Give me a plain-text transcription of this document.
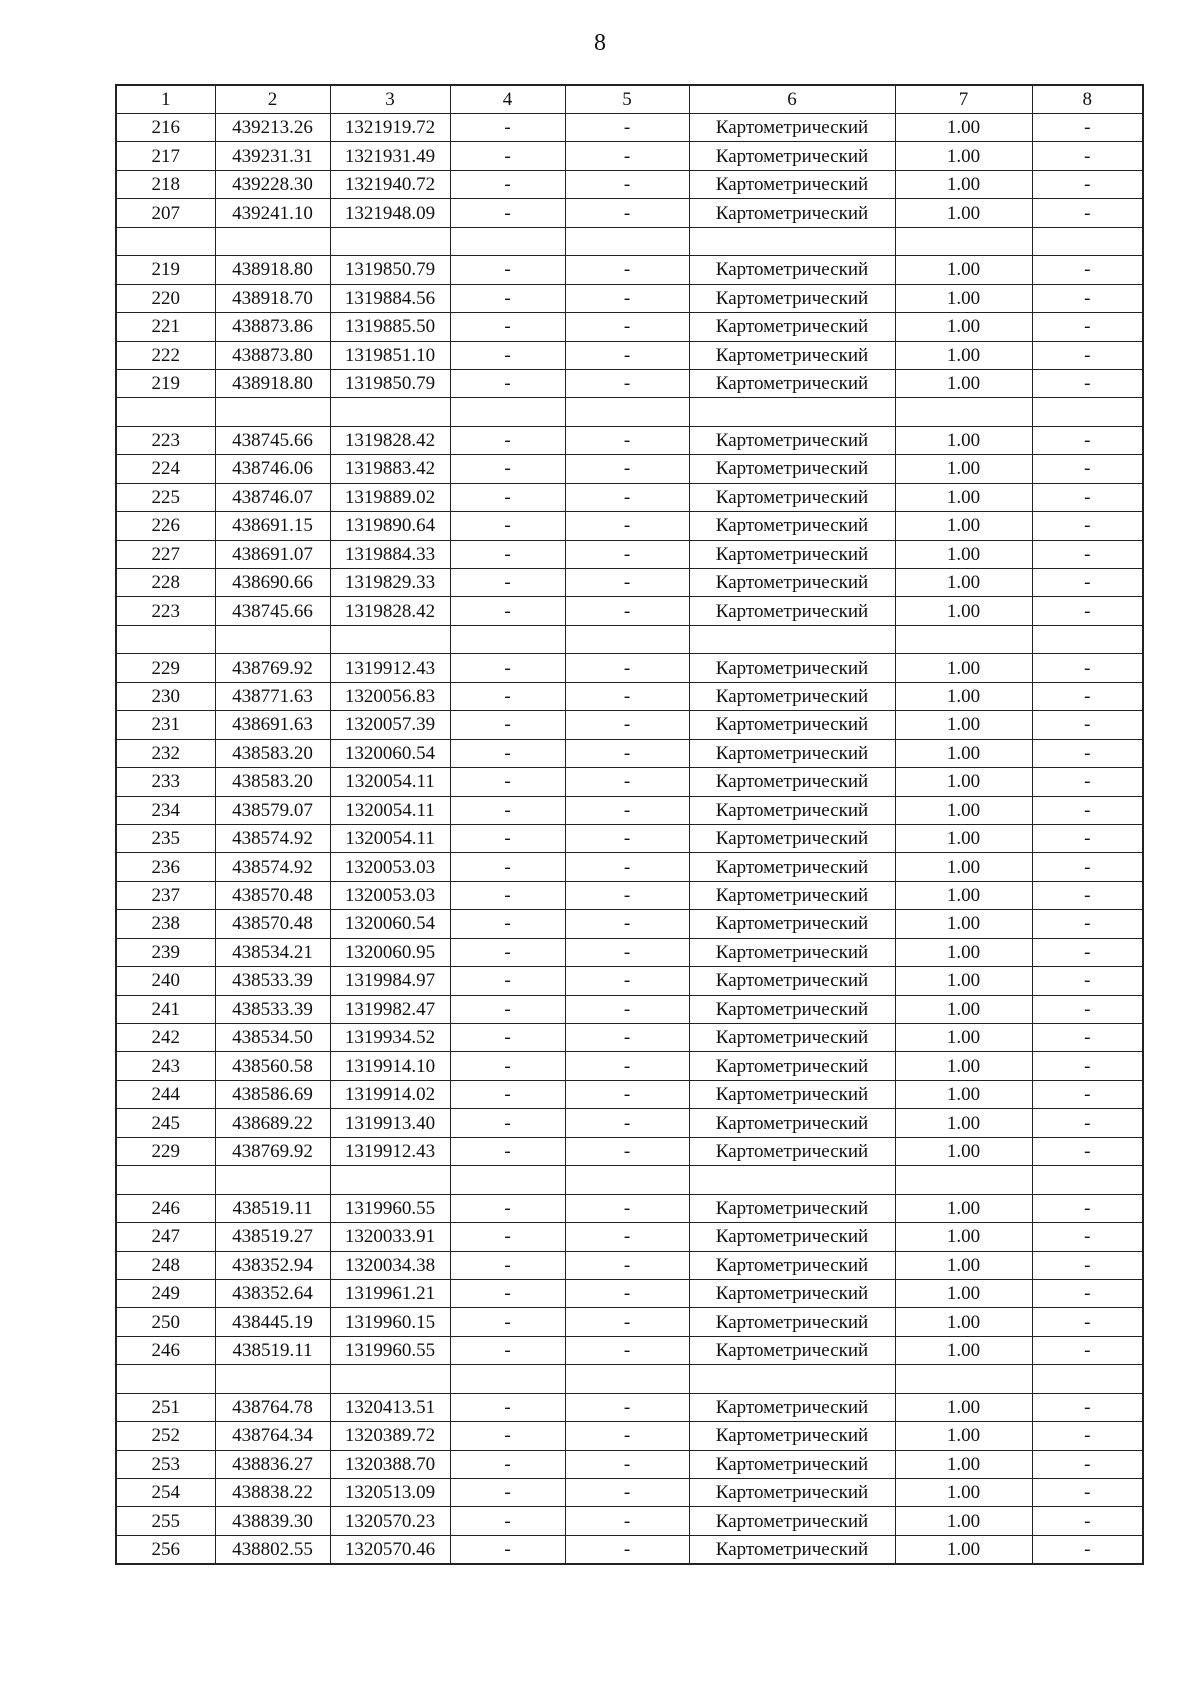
8
1	2	3	4	5	6	7	8
216	439213.26	1321919.72	-	-	Картометрический	1.00	-
217	439231.31	1321931.49	-	-	Картометрический	1.00	-
218	439228.30	1321940.72	-	-	Картометрический	1.00	-
207	439241.10	1321948.09	-	-	Картометрический	1.00	-

219	438918.80	1319850.79	-	-	Картометрический	1.00	-
220	438918.70	1319884.56	-	-	Картометрический	1.00	-
221	438873.86	1319885.50	-	-	Картометрический	1.00	-
222	438873.80	1319851.10	-	-	Картометрический	1.00	-
219	438918.80	1319850.79	-	-	Картометрический	1.00	-

223	438745.66	1319828.42	-	-	Картометрический	1.00	-
224	438746.06	1319883.42	-	-	Картометрический	1.00	-
225	438746.07	1319889.02	-	-	Картометрический	1.00	-
226	438691.15	1319890.64	-	-	Картометрический	1.00	-
227	438691.07	1319884.33	-	-	Картометрический	1.00	-
228	438690.66	1319829.33	-	-	Картометрический	1.00	-
223	438745.66	1319828.42	-	-	Картометрический	1.00	-

229	438769.92	1319912.43	-	-	Картометрический	1.00	-
230	438771.63	1320056.83	-	-	Картометрический	1.00	-
231	438691.63	1320057.39	-	-	Картометрический	1.00	-
232	438583.20	1320060.54	-	-	Картометрический	1.00	-
233	438583.20	1320054.11	-	-	Картометрический	1.00	-
234	438579.07	1320054.11	-	-	Картометрический	1.00	-
235	438574.92	1320054.11	-	-	Картометрический	1.00	-
236	438574.92	1320053.03	-	-	Картометрический	1.00	-
237	438570.48	1320053.03	-	-	Картометрический	1.00	-
238	438570.48	1320060.54	-	-	Картометрический	1.00	-
239	438534.21	1320060.95	-	-	Картометрический	1.00	-
240	438533.39	1319984.97	-	-	Картометрический	1.00	-
241	438533.39	1319982.47	-	-	Картометрический	1.00	-
242	438534.50	1319934.52	-	-	Картометрический	1.00	-
243	438560.58	1319914.10	-	-	Картометрический	1.00	-
244	438586.69	1319914.02	-	-	Картометрический	1.00	-
245	438689.22	1319913.40	-	-	Картометрический	1.00	-
229	438769.92	1319912.43	-	-	Картометрический	1.00	-

246	438519.11	1319960.55	-	-	Картометрический	1.00	-
247	438519.27	1320033.91	-	-	Картометрический	1.00	-
248	438352.94	1320034.38	-	-	Картометрический	1.00	-
249	438352.64	1319961.21	-	-	Картометрический	1.00	-
250	438445.19	1319960.15	-	-	Картометрический	1.00	-
246	438519.11	1319960.55	-	-	Картометрический	1.00	-

251	438764.78	1320413.51	-	-	Картометрический	1.00	-
252	438764.34	1320389.72	-	-	Картометрический	1.00	-
253	438836.27	1320388.70	-	-	Картометрический	1.00	-
254	438838.22	1320513.09	-	-	Картометрический	1.00	-
255	438839.30	1320570.23	-	-	Картометрический	1.00	-
256	438802.55	1320570.46	-	-	Картометрический	1.00	-
